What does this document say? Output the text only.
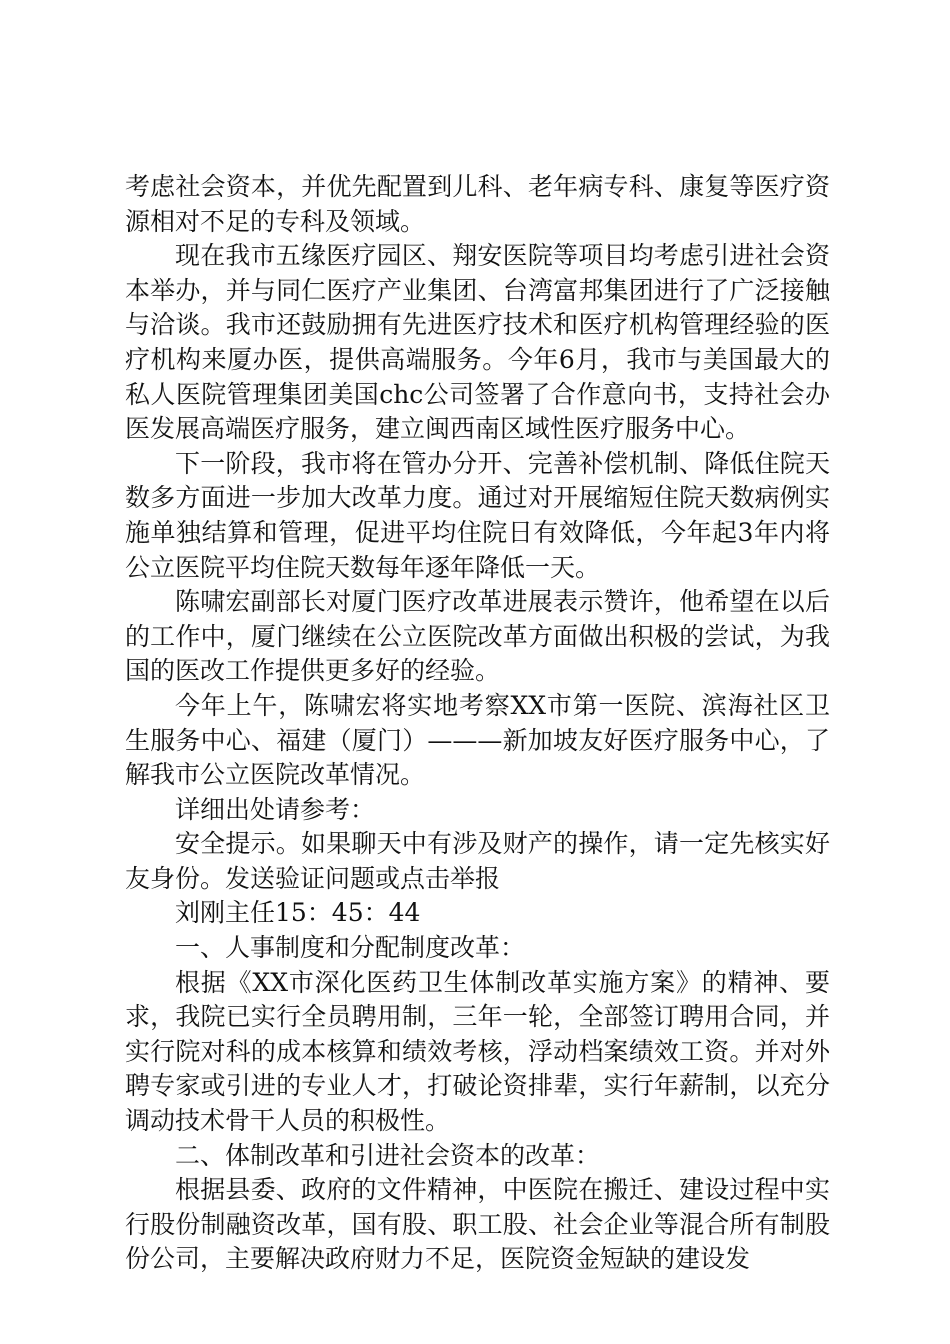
考虑社会资本，并优先配置到儿科、老年病专科、康复等医疗资源相对不足的专科及领域。

现在我市五缘医疗园区、翔安医院等项目均考虑引进社会资本举办，并与同仁医疗产业集团、台湾富邦集团进行了广泛接触与洽谈。我市还鼓励拥有先进医疗技术和医疗机构管理经验的医疗机构来厦办医，提供高端服务。今年6月，我市与美国最大的私人医院管理集团美国chc公司签署了合作意向书，支持社会办医发展高端医疗服务，建立闽西南区域性医疗服务中心。

下一阶段，我市将在管办分开、完善补偿机制、降低住院天数多方面进一步加大改革力度。通过对开展缩短住院天数病例实施单独结算和管理，促进平均住院日有效降低，今年起3年内将公立医院平均住院天数每年逐年降低一天。

陈啸宏副部长对厦门医疗改革进展表示赞许，他希望在以后的工作中，厦门继续在公立医院改革方面做出积极的尝试，为我国的医改工作提供更多好的经验。

今年上午，陈啸宏将实地考察XX市第一医院、滨海社区卫生服务中心、福建（厦门）———新加坡友好医疗服务中心，了解我市公立医院改革情况。

详细出处请参考：

安全提示。如果聊天中有涉及财产的操作，请一定先核实好友身份。发送验证问题或点击举报

刘刚主任15：45：44

一、人事制度和分配制度改革：

根据《XX市深化医药卫生体制改革实施方案》的精神、要求，我院已实行全员聘用制，三年一轮，全部签订聘用合同，并实行院对科的成本核算和绩效考核，浮动档案绩效工资。并对外聘专家或引进的专业人才，打破论资排辈，实行年薪制，以充分调动技术骨干人员的积极性。

二、体制改革和引进社会资本的改革：

根据县委、政府的文件精神，中医院在搬迁、建设过程中实行股份制融资改革，国有股、职工股、社会企业等混合所有制股份公司，主要解决政府财力不足，医院资金短缺的建设发
